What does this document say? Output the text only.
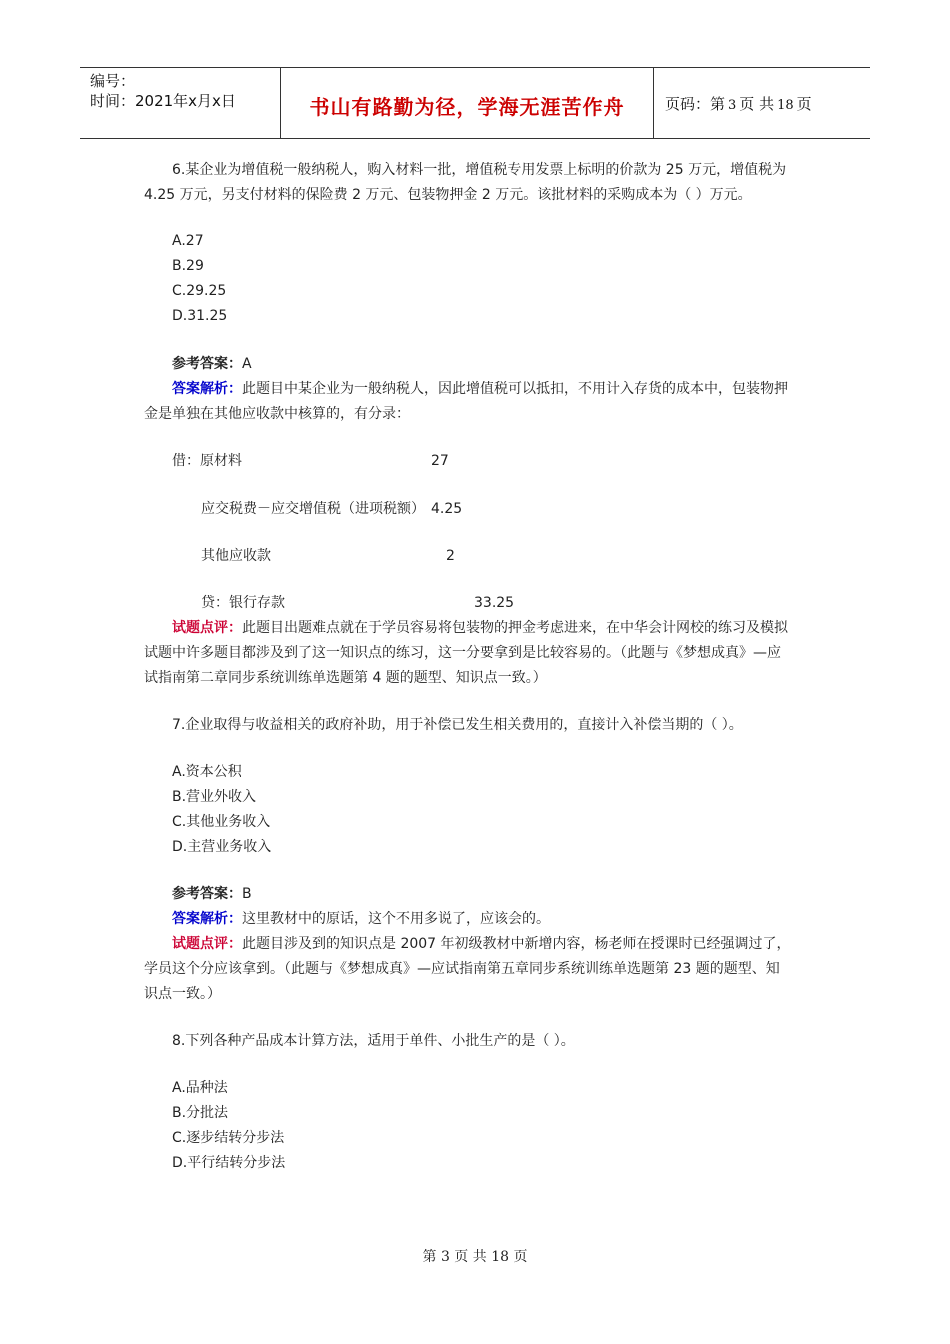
编号：
时间：2021年x月x日	书山有路勤为径，学海无涯苦作舟	页码：第 3 页 共 18 页
6.某企业为增值税一般纳税人，购入材料一批，增值税专用发票上标明的价款为 25 万元，增值税为
4.25 万元，另支付材料的保险费 2 万元、包装物押金 2 万元。该批材料的采购成本为（ ）万元。
A.27
B.29
C.29.25
D.31.25
参考答案：A
答案解析：此题目中某企业为一般纳税人，因此增值税可以抵扣，不用计入存货的成本中，包装物押
金是单独在其他应收款中核算的，有分录：
借：原材料	27
应交税费－应交增值税（进项税额） 4.25
其他应收款	2
贷：银行存款	33.25
试题点评：此题目出题难点就在于学员容易将包装物的押金考虑进来，在中华会计网校的练习及模拟
试题中许多题目都涉及到了这一知识点的练习，这一分要拿到是比较容易的。（此题与《梦想成真》—应
试指南第二章同步系统训练单选题第 4 题的题型、知识点一致。）
7.企业取得与收益相关的政府补助，用于补偿已发生相关费用的，直接计入补偿当期的（ ）。
A.资本公积
B.营业外收入
C.其他业务收入
D.主营业务收入
参考答案：B
答案解析：这里教材中的原话，这个不用多说了，应该会的。
试题点评：此题目涉及到的知识点是 2007 年初级教材中新增内容，杨老师在授课时已经强调过了，
学员这个分应该拿到。（此题与《梦想成真》—应试指南第五章同步系统训练单选题第 23 题的题型、知
识点一致。）
8.下列各种产品成本计算方法，适用于单件、小批生产的是（ ）。
A.品种法
B.分批法
C.逐步结转分步法
D.平行结转分步法
第 3 页 共 18 页
